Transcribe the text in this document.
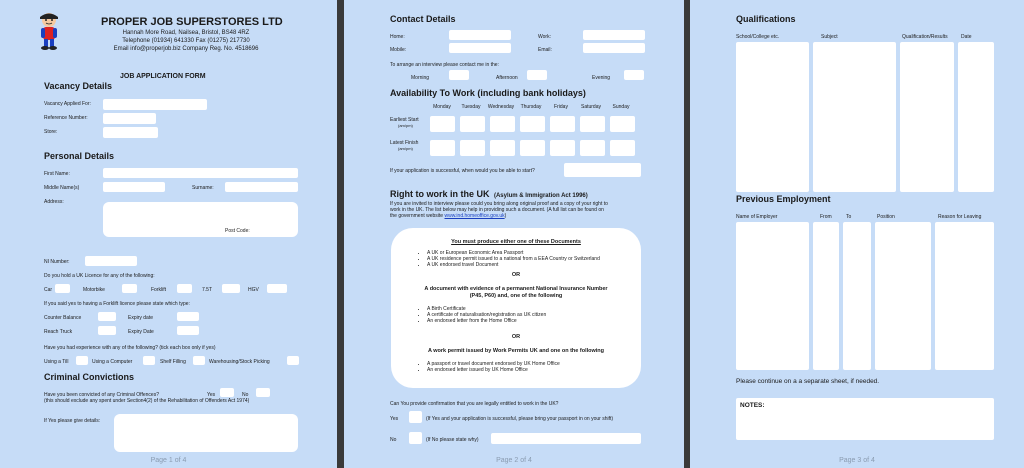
PROPER JOB SUPERSTORES LTD
Hannah More Road, Nailsea, Bristol, BS48 4RZ
Telephone (01934) 641330 Fax (01275) 217730
Email info@properjob.biz Company Reg. No. 4518696
JOB APPLICATION FORM
Vacancy Details
Vacancy Applied For:
Reference Number:
Store:
Personal Details
First Name:
Middle Name(s)	Surname:
Address:
Post Code:
NI Number:
Do you hold a UK Licence for any of the following:
Car	Motorbike	Forklift	7.5T	HGV
If you said yes to having a Forklift licence please state which type:
Counter Balance	Expiry date
Reach Truck	Expiry Date
Have you had experience with any of the following? (tick each box only if yes)
Using a Till	Using a Computer	Shelf Filling	Warehousing/Stock Picking
Criminal Convictions
Have you been convicted of any Criminal Offences?
(this should exclude any spent under Section4(2) of the Rehabilitation of Offenders Act 1974)
Yes	No
If Yes please give details:
Page 1 of 4
Contact Details
Home:	Work:
Mobile:	Email:
To arrange an interview please contact me in the:
Morning	Afternoon	Evening
Availability To Work (including bank holidays)
Monday	Tuesday	Wednesday	Thursday	Friday	Saturday	Sunday
Earliest Start
(am/pm)
Latest Finish
(am/pm)
If your application is successful, when would you be able to start?
Right to work in the UK (Asylum & Immigration Act 1996)
If you are invited to interview please could you bring along original proof and a copy of your right to
work in the UK. The list below may help in providing such a document. (A full list can be found on
the government website www.ind.homeoffice.gov.uk)
You must produce either one of these Documents
• A UK or European Economic Area Passport
• A UK residence permit issued to a national from a EEA Country or Switzerland
• A UK endorsed travel Document
OR
A document with evidence of a permanent National Insurance Number
(P45, P60) and, one of the following
• A Birth Certificate
• A certificate of naturalisation/registration as UK citizen
• An endorsed letter from the Home Office
OR
A work permit issued by Work Permits UK and one on the following
• A passport or travel document endorsed by UK Home Office
• An endorsed letter issued by UK Home Office
Can You provide confirmation that you are legally entitled to work in the UK?
Yes	(If Yes and your application is successful, please bring your passport in on your shift)
No	(If No please state why)
Page 2 of 4
Qualifications
School/College etc.	Subject	Qualification/Results	Date
Previous Employment
Name of Employer	From	To	Position	Reason for Leaving
Please continue on a a separate sheet, if needed.
NOTES:
Page 3 of 4
